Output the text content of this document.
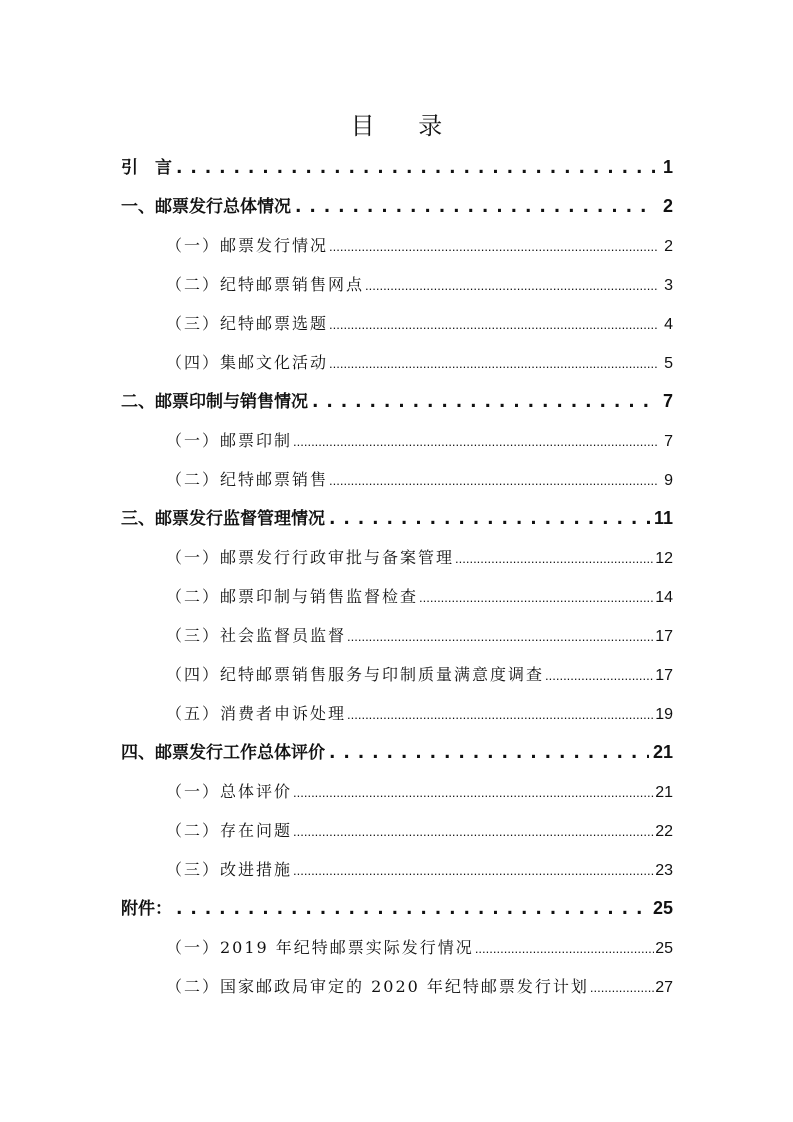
目 录
引　言 . . .	1
一、邮票发行总体情况 . . .	2
（一）邮票发行情况 .....	2
（二）纪特邮票销售网点 .....	3
（三）纪特邮票选题 .....	4
（四）集邮文化活动 .....	5
二、邮票印制与销售情况 . . .	7
（一）邮票印制 .....	7
（二）纪特邮票销售 .....	9
三、邮票发行监督管理情况 . . .	11
（一）邮票发行行政审批与备案管理 .....	12
（二）邮票印制与销售监督检查 .....	14
（三）社会监督员监督 .....	17
（四）纪特邮票销售服务与印制质量满意度调查 .....	17
（五）消费者申诉处理 .....	19
四、邮票发行工作总体评价 . . .	21
（一）总体评价 .....	21
（二）存在问题 .....	22
（三）改进措施 .....	23
附件： . . .	25
（一）2019 年纪特邮票实际发行情况 .....	25
（二）国家邮政局审定的 2020 年纪特邮票发行计划 .....	27
